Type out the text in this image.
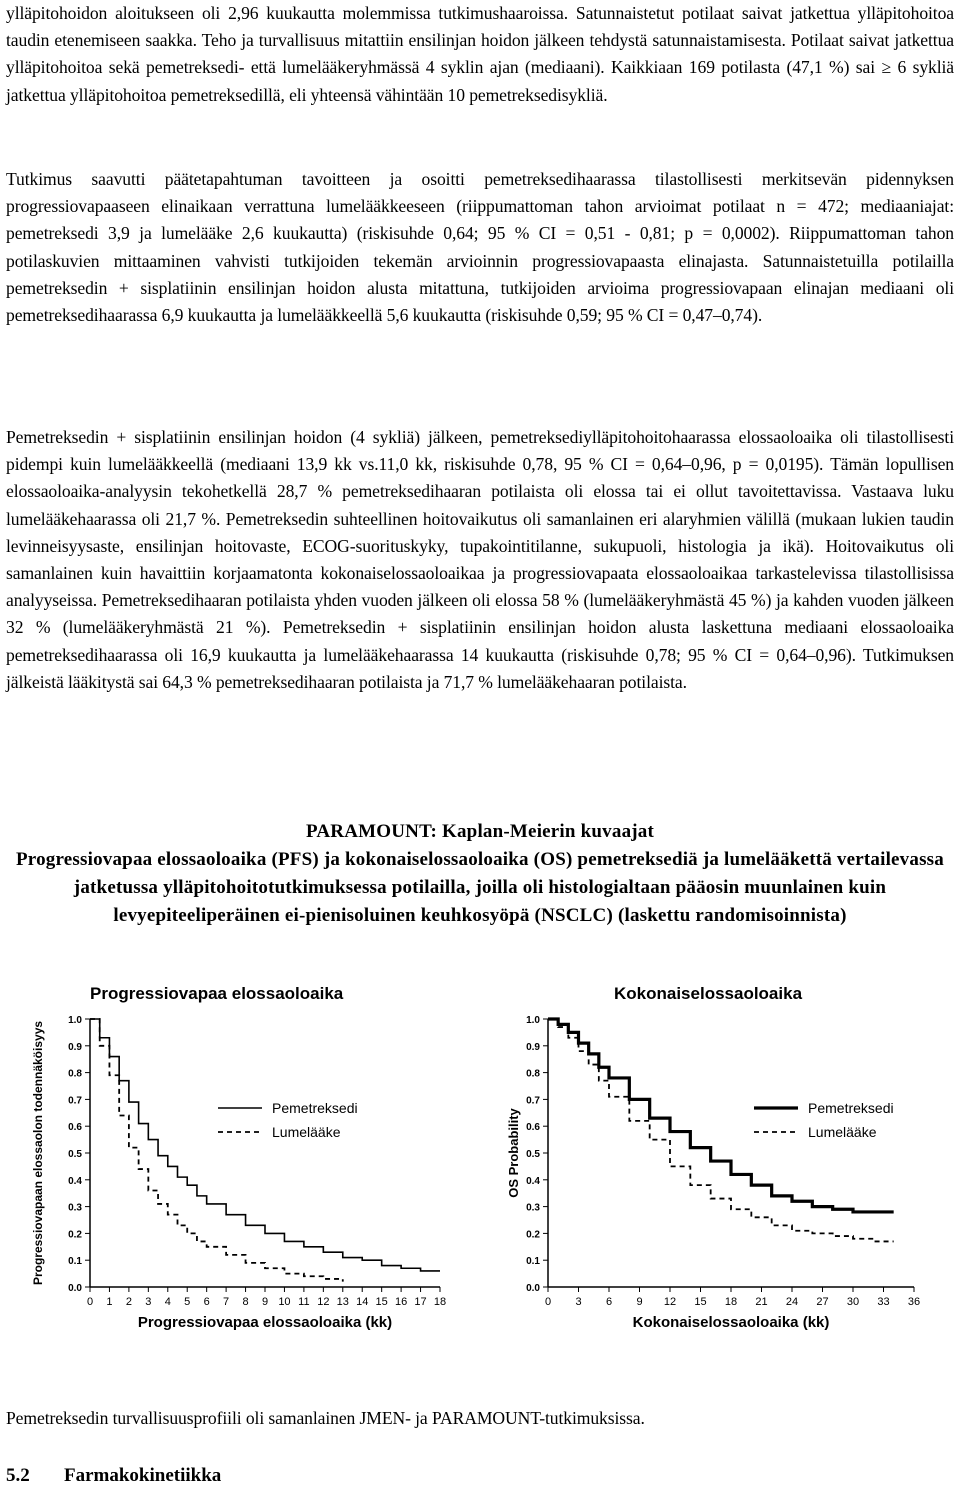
ylläpitohoidon aloitukseen oli 2,96 kuukautta molemmissa tutkimushaaroissa. Satunnaistetut potilaat saivat jatkettua ylläpitohoitoa taudin etenemiseen saakka. Teho ja turvallisuus mitattiin ensilinjan hoidon jälkeen tehdystä satunnaistamisesta. Potilaat saivat jatkettua ylläpitohoitoa sekä pemetreksedi- että lumelääkeryhmässä 4 syklin ajan (mediaani). Kaikkiaan 169 potilasta (47,1 %) sai ≥ 6 sykliä jatkettua ylläpitohoitoa pemetreksedillä, eli yhteensä vähintään 10 pemetreksedisykliä.

Tutkimus saavutti päätetapahtuman tavoitteen ja osoitti pemetreksedihaarassa tilastollisesti merkitsevän pidennyksen progressiovapaaseen elinaikaan verrattuna lumelääkkeeseen (riippumattoman tahon arvioimat potilaat n = 472; mediaaniajat: pemetreksedi 3,9 ja lumelääke 2,6 kuukautta) (riskisuhde 0,64; 95 % CI = 0,51 - 0,81; p = 0,0002). Riippumattoman tahon potilaskuvien mittaaminen vahvisti tutkijoiden tekemän arvioinnin progressiovapaasta elinajasta. Satunnaistetuilla potilailla pemetreksedin + sisplatiinin ensilinjan hoidon alusta mitattuna, tutkijoiden arvioima progressiovapaan elinajan mediaani oli pemetreksedihaarassa 6,9 kuukautta ja lumelääkkeellä 5,6 kuukautta (riskisuhde 0,59; 95 % CI = 0,47–0,74).

Pemetreksedin + sisplatiinin ensilinjan hoidon (4 sykliä) jälkeen, pemetreksediylläpitohoitohaarassa elossaoloaika oli tilastollisesti pidempi kuin lumelääkkeellä (mediaani 13,9 kk vs.11,0 kk, riskisuhde 0,78, 95 % CI = 0,64–0,96, p = 0,0195). Tämän lopullisen elossaoloaika-analyysin tekohetkellä 28,7 % pemetreksedihaaran potilaista oli elossa tai ei ollut tavoitettavissa. Vastaava luku lumelääkehaarassa oli 21,7 %. Pemetreksedin suhteellinen hoitovaikutus oli samanlainen eri alaryhmien välillä (mukaan lukien taudin levinneisyysaste, ensilinjan hoitovaste, ECOG-suorituskyky, tupakointitilanne, sukupuoli, histologia ja ikä). Hoitovaikutus oli samanlainen kuin havaittiin korjaamatonta kokonaiselossaoloaikaa ja progressiovapaata elossaoloaikaa tarkastelevissa tilastollisissa analyyseissa. Pemetreksedihaaran potilaista yhden vuoden jälkeen oli elossa 58 % (lumelääkeryhmästä 45 %) ja kahden vuoden jälkeen 32 % (lumelääkeryhmästä 21 %). Pemetreksedin + sisplatiinin ensilinjan hoidon alusta laskettuna mediaani elossaoloaika pemetreksedihaarassa oli 16,9 kuukautta ja lumelääkehaarassa 14 kuukautta (riskisuhde 0,78; 95 % CI = 0,64–0,96). Tutkimuksen jälkeistä lääkitystä sai 64,3 % pemetreksedihaaran potilaista ja 71,7 % lumelääkehaaran potilaista.

PARAMOUNT: Kaplan-Meierin kuvaajat
Progressiovapaa elossaoloaika (PFS) ja kokonaiselossaoloaika (OS) pemetreksediä ja lumelääkettä vertailevassa jatketussa ylläpitohoitotutkimuksessa potilailla, joilla oli histologialtaan pääosin muunlainen kuin levyepiteeliperäinen ei-pienisoluinen keuhkosyöpä (NSCLC) (laskettu randomisoinnista)
Progressiovapaa elossaoloaika
0.0
0.1
0.2
0.3
0.4
0.5
0.6
0.7
0.8
0.9
1.0
0 1 2 3 4 5 6 7 8 9 10 11 12 13 14 15 16 17 18
Progressiovapaa elossaoloaika (kk)
Progressiovapaan elossaolon todennäköisyys	Pemetreksedi
Lumelääke
Kokonaiselossaoloaika
0.0
0.1
0.2
0.3
0.4
0.5
0.6
0.7
0.8
0.9
1.0
0 3 6 9 12 15 18 21 24 27 30 33 36
Kokonaiselossaoloaika (kk)
OS Probability
Pemetreksedi
Lumelääke

Pemetreksedin turvallisuusprofiili oli samanlainen JMEN- ja PARAMOUNT-tutkimuksissa.

5.2 Farmakokinetiikka
